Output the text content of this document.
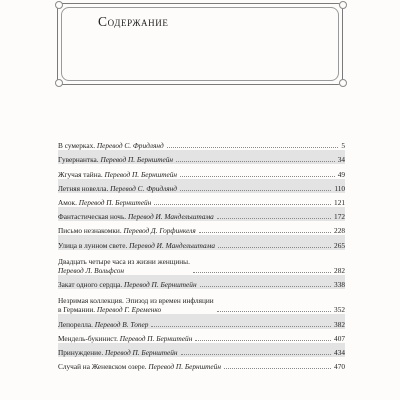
Содержание
В сумерках. Перевод С. Фридлянд	5
Гувернантка. Перевод П. Бернштейн	34
Жгучая тайна. Перевод П. Бернштейн	49
Летняя новелла. Перевод С. Фридлянд	110
Амок. Перевод П. Бернштейн	121
Фантастическая ночь. Перевод И. Мандельштама	172
Письмо незнакомки. Перевод Д. Горфинкеля	228
Улица в лунном свете. Перевод И. Мандельштама	265
Двадцать четыре часа из жизни женщины.
Перевод Л. Вольфсон	282
Закат одного сердца. Перевод П. Бернштейн	338
Незримая коллекция. Эпизод из времен инфляции
в Германии. Перевод Г. Еременко	352
Лепорелла. Перевод В. Топер	382
Мендель-букинист. Перевод П. Бернштейн	407
Принуждение. Перевод П. Бернштейн	434
Случай на Женевском озере. Перевод П. Бернштейн	470
